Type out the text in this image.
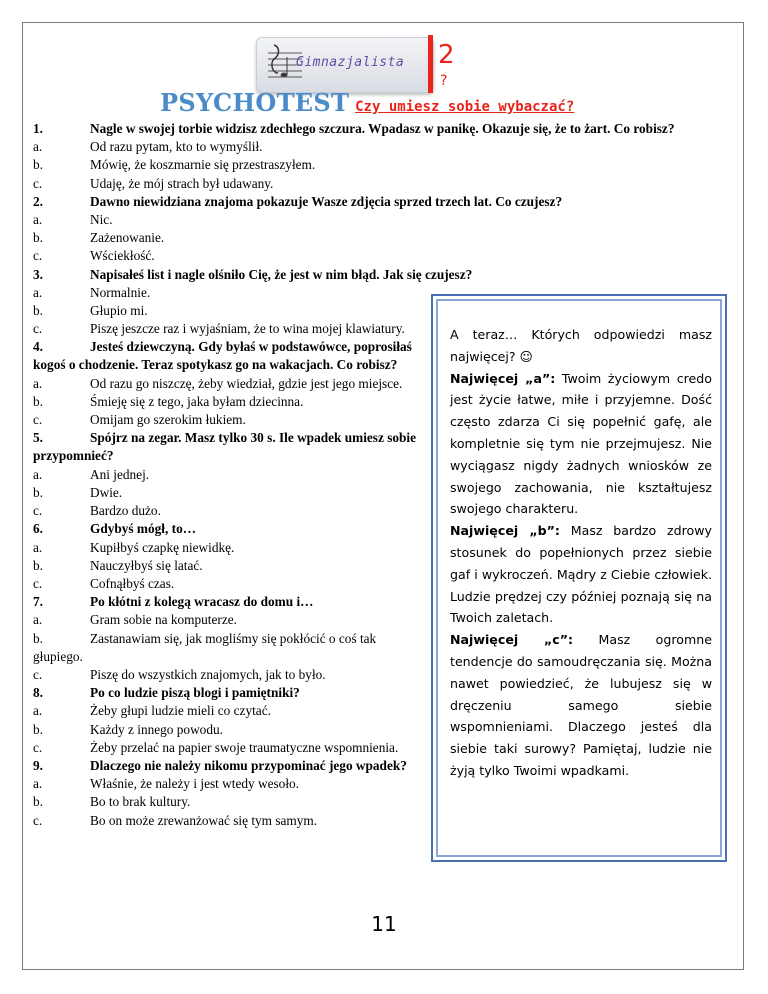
Gimnazjalista 2
?
PSYCHOTEST Czy umiesz sobie wybaczać?
1.	Nagle w swojej torbie widzisz zdechłego szczura. Wpadasz w panikę. Okazuje się, że to żart. Co robisz?
a.	Od razu pytam, kto to wymyślił.
b.	Mówię, że koszmarnie się przestraszyłem.
c.	Udaję, że mój strach był udawany.
2.	Dawno niewidziana znajoma pokazuje Wasze zdjęcia sprzed trzech lat. Co czujesz?
a.	Nic.
b.	Zażenowanie.
c.	Wściekłość.
3.	Napisałeś list i nagle olśniło Cię, że jest w nim błąd. Jak się czujesz?
a.	Normalnie.
b.	Głupio mi.
c.	Piszę jeszcze raz i wyjaśniam, że to wina mojej klawiatury.
4.	Jesteś dziewczyną. Gdy byłaś w podstawówce, poprosiłaś kogoś o chodzenie. Teraz spotykasz go na wakacjach. Co robisz?
a.	Od razu go niszczę, żeby wiedział, gdzie jest jego miejsce.
b.	Śmieję się z tego, jaka byłam dziecinna.
c.	Omijam go szerokim łukiem.
5.	Spójrz na zegar. Masz tylko 30 s. Ile wpadek umiesz sobie przypomnieć?
a.	Ani jednej.
b.	Dwie.
c.	Bardzo dużo.
6.	Gdybyś mógł, to…
a.	Kupiłbyś czapkę niewidkę.
b.	Nauczyłbyś się latać.
c.	Cofnąłbyś czas.
7.	Po kłótni z kolegą wracasz do domu i…
a.	Gram sobie na komputerze.
b.	Zastanawiam się, jak mogliśmy się pokłócić o coś tak głupiego.
c.	Piszę do wszystkich znajomych, jak to było.
8.	Po co ludzie piszą blogi i pamiętniki?
a.	Żeby głupi ludzie mieli co czytać.
b.	Każdy z innego powodu.
c.	Żeby przelać na papier swoje traumatyczne wspomnienia.
9.	Dlaczego nie należy nikomu przypominać jego wpadek?
a.	Właśnie, że należy i jest wtedy wesoło.
b.	Bo to brak kultury.
c.	Bo on może zrewanżować się tym samym.

A teraz… Których odpowiedzi masz najwięcej? ☺

Najwięcej „a”: Twoim życiowym credo jest życie łatwe, miłe i przyjemne. Dość często zdarza Ci się popełnić gafę, ale kompletnie się tym nie przejmujesz. Nie wyciągasz nigdy żadnych wniosków ze swojego zachowania, nie kształtujesz swojego charakteru.

Najwięcej „b”: Masz bardzo zdrowy stosunek do popełnionych przez siebie gaf i wykroczeń. Mądry z Ciebie człowiek. Ludzie prędzej czy później poznają się na Twoich zaletach.

Najwięcej „c”: Masz ogromne tendencje do samoudręczania się. Można nawet powiedzieć, że lubujesz się w dręczeniu samego siebie wspomnieniami. Dlaczego jesteś dla siebie taki surowy? Pamiętaj, ludzie nie żyją tylko Twoimi wpadkami.

11
